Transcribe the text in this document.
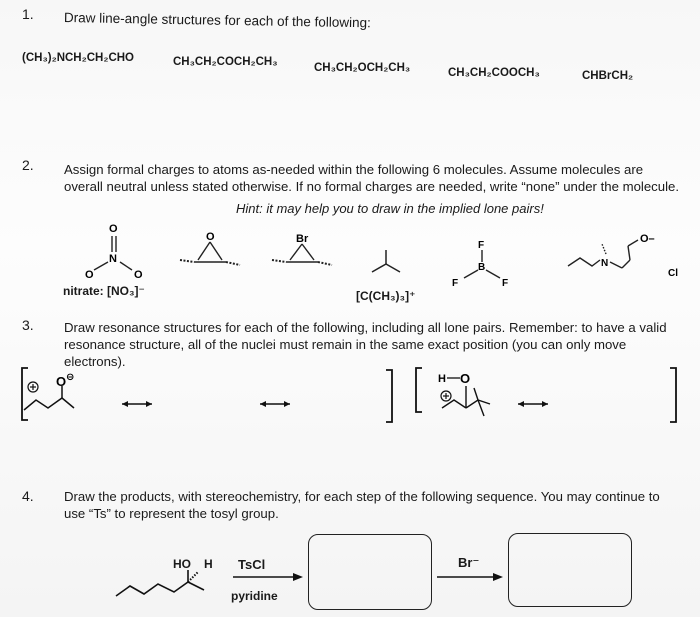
1. Draw line-angle structures for each of the following:
(CH₃)₂NCH₂CH₂CHO	CH₃CH₂COCH₂CH₃	CH₃CH₂OCH₂CH₃	CH₃CH₂COOCH₃	CHBrCH₂
2. Assign formal charges to atoms as-needed within the following 6 molecules. Assume molecules are overall neutral unless stated otherwise. If no formal charges are needed, write “none” under the molecule.
Hint: it may help you to draw in the implied lone pairs!
O
N
O	O
nitrate: [NO₃]⁻
O	Br
[C(CH₃)₃]⁺
F
B
F	F
N
O–
Cl
3. Draw resonance structures for each of the following, including all lone pairs. Remember: to have a valid resonance structure, all of the nuclei must remain in the same exact position (you can only move electrons).
O ⊖	H O
4. Draw the products, with stereochemistry, for each step of the following sequence. You may continue to use “Ts” to represent the tosyl group.
HO H TsCl
pyridine
Br⁻
